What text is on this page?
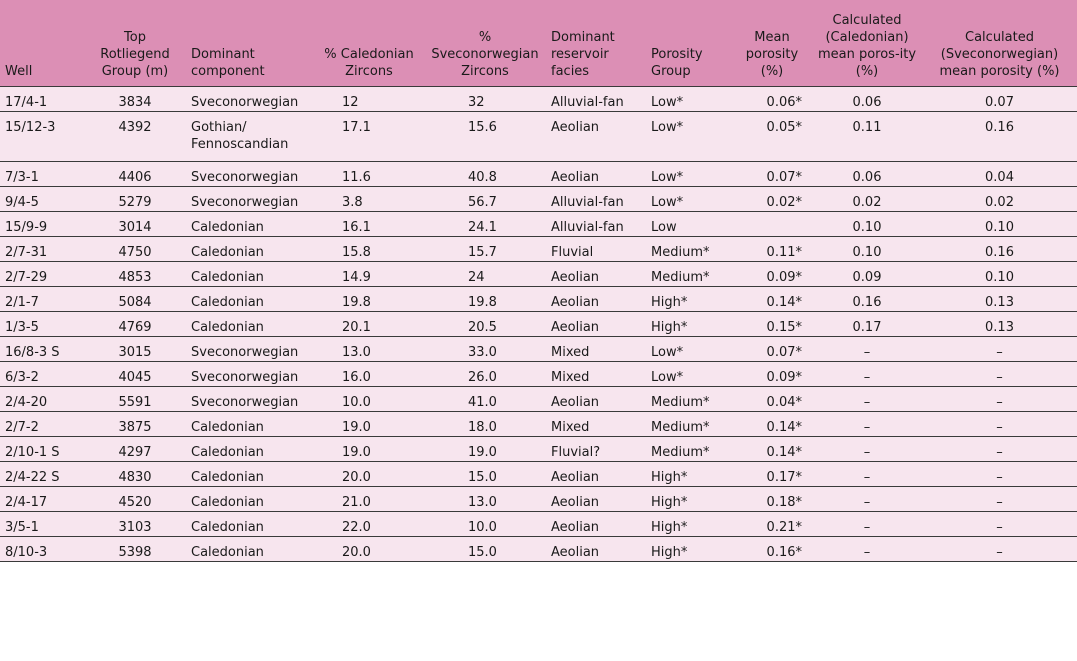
Well	Top Rotliegend Group (m)	Dominant component	% Caledonian Zircons	% Sveconorwegian Zircons	Dominant reservoir facies	Porosity Group	Mean porosity (%)	Calculated (Caledonian) mean poros-ity (%)	Calculated (Sveconorwegian) mean porosity (%)
17/4-1	3834	Sveconorwegian	12	32	Alluvial-fan	Low*	0.06*	0.06	0.07
15/12-3	4392	Gothian/ Fennoscandian	17.1	15.6	Aeolian	Low*	0.05*	0.11	0.16
7/3-1	4406	Sveconorwegian	11.6	40.8	Aeolian	Low*	0.07*	0.06	0.04
9/4-5	5279	Sveconorwegian	3.8	56.7	Alluvial-fan	Low*	0.02*	0.02	0.02
15/9-9	3014	Caledonian	16.1	24.1	Alluvial-fan	Low		0.10	0.10
2/7-31	4750	Caledonian	15.8	15.7	Fluvial	Medium*	0.11*	0.10	0.16
2/7-29	4853	Caledonian	14.9	24	Aeolian	Medium*	0.09*	0.09	0.10
2/1-7	5084	Caledonian	19.8	19.8	Aeolian	High*	0.14*	0.16	0.13
1/3-5	4769	Caledonian	20.1	20.5	Aeolian	High*	0.15*	0.17	0.13
16/8-3 S	3015	Sveconorwegian	13.0	33.0	Mixed	Low*	0.07*	–	–
6/3-2	4045	Sveconorwegian	16.0	26.0	Mixed	Low*	0.09*	–	–
2/4-20	5591	Sveconorwegian	10.0	41.0	Aeolian	Medium*	0.04*	–	–
2/7-2	3875	Caledonian	19.0	18.0	Mixed	Medium*	0.14*	–	–
2/10-1 S	4297	Caledonian	19.0	19.0	Fluvial?	Medium*	0.14*	–	–
2/4-22 S	4830	Caledonian	20.0	15.0	Aeolian	High*	0.17*	–	–
2/4-17	4520	Caledonian	21.0	13.0	Aeolian	High*	0.18*	–	–
3/5-1	3103	Caledonian	22.0	10.0	Aeolian	High*	0.21*	–	–
8/10-3	5398	Caledonian	20.0	15.0	Aeolian	High*	0.16*	–	–
